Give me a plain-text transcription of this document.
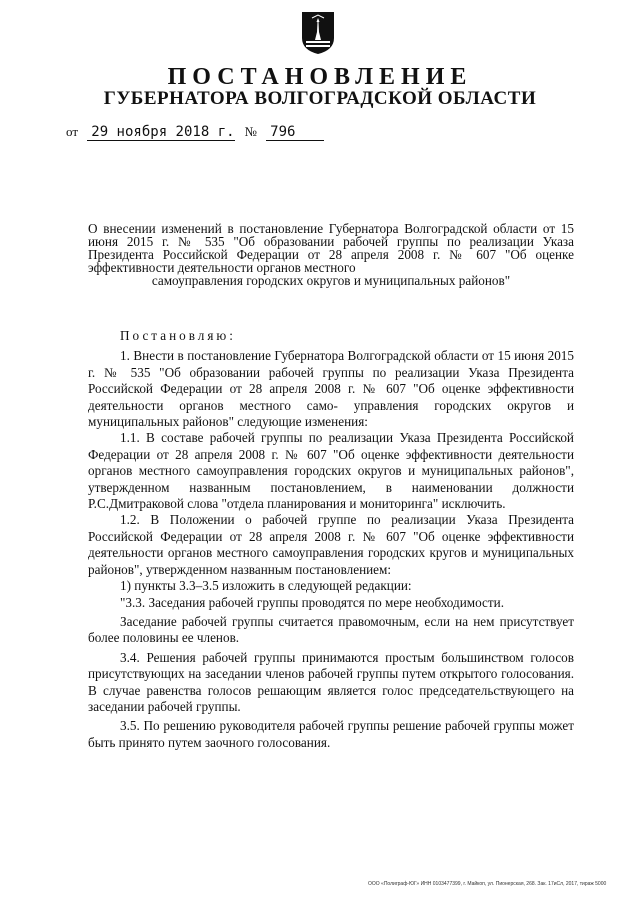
ПОСТАНОВЛЕНИЕ
ГУБЕРНАТОРА ВОЛГОГРАДСКОЙ ОБЛАСТИ
от 29 ноября 2018 г. № 796
О внесении изменений в постановление Губернатора Волгоградской области от 15 июня 2015 г. № 535 "Об образовании рабочей группы по реализации Указа Президента Российской Федерации от 28 апреля 2008 г. № 607 "Об оценке эффективности деятельности органов местного
самоуправления городских округов и муниципальных районов"

Постановляю:

1. Внести в постановление Губернатора Волгоградской области от 15 июня 2015 г. № 535 "Об образовании рабочей группы по реализации Указа Президента Российской Федерации от 28 апреля 2008 г. № 607 "Об оценке эффективности деятельности органов местного само- управления городских округов и муниципальных районов" следующие изменения:

1.1. В составе рабочей группы по реализации Указа Президента Российской Федерации от 28 апреля 2008 г. № 607 "Об оценке эффективности деятельности органов местного самоуправления городских округов и муниципальных районов", утвержденном названным постановлением, в наименовании должности Р.С.Дмитраковой слова "отдела планирования и мониторинга" исключить.

1.2. В Положении о рабочей группе по реализации Указа Президента Российской Федерации от 28 апреля 2008 г. № 607 "Об оценке эффективности деятельности органов местного самоуправления городских кругов и муниципальных районов", утвержденном названным постановлением:

1) пункты 3.3–3.5 изложить в следующей редакции:

"3.3. Заседания рабочей группы проводятся по мере необходимости.

Заседание рабочей группы считается правомочным, если на нем присутствует более половины ее членов.

3.4. Решения рабочей группы принимаются простым большинством голосов присутствующих на заседании членов рабочей группы путем открытого голосования. В случае равенства голосов решающим является голос председательствующего на заседании рабочей группы.

3.5. По решению руководителя рабочей группы решение рабочей группы может быть принято путем заочного голосования.

ООО «Полиграф-ЮГ» ИНН 0103477399, г. Майкоп, ул. Пионерская, 268. Зак. 17иСл, 2017, тираж 5000
